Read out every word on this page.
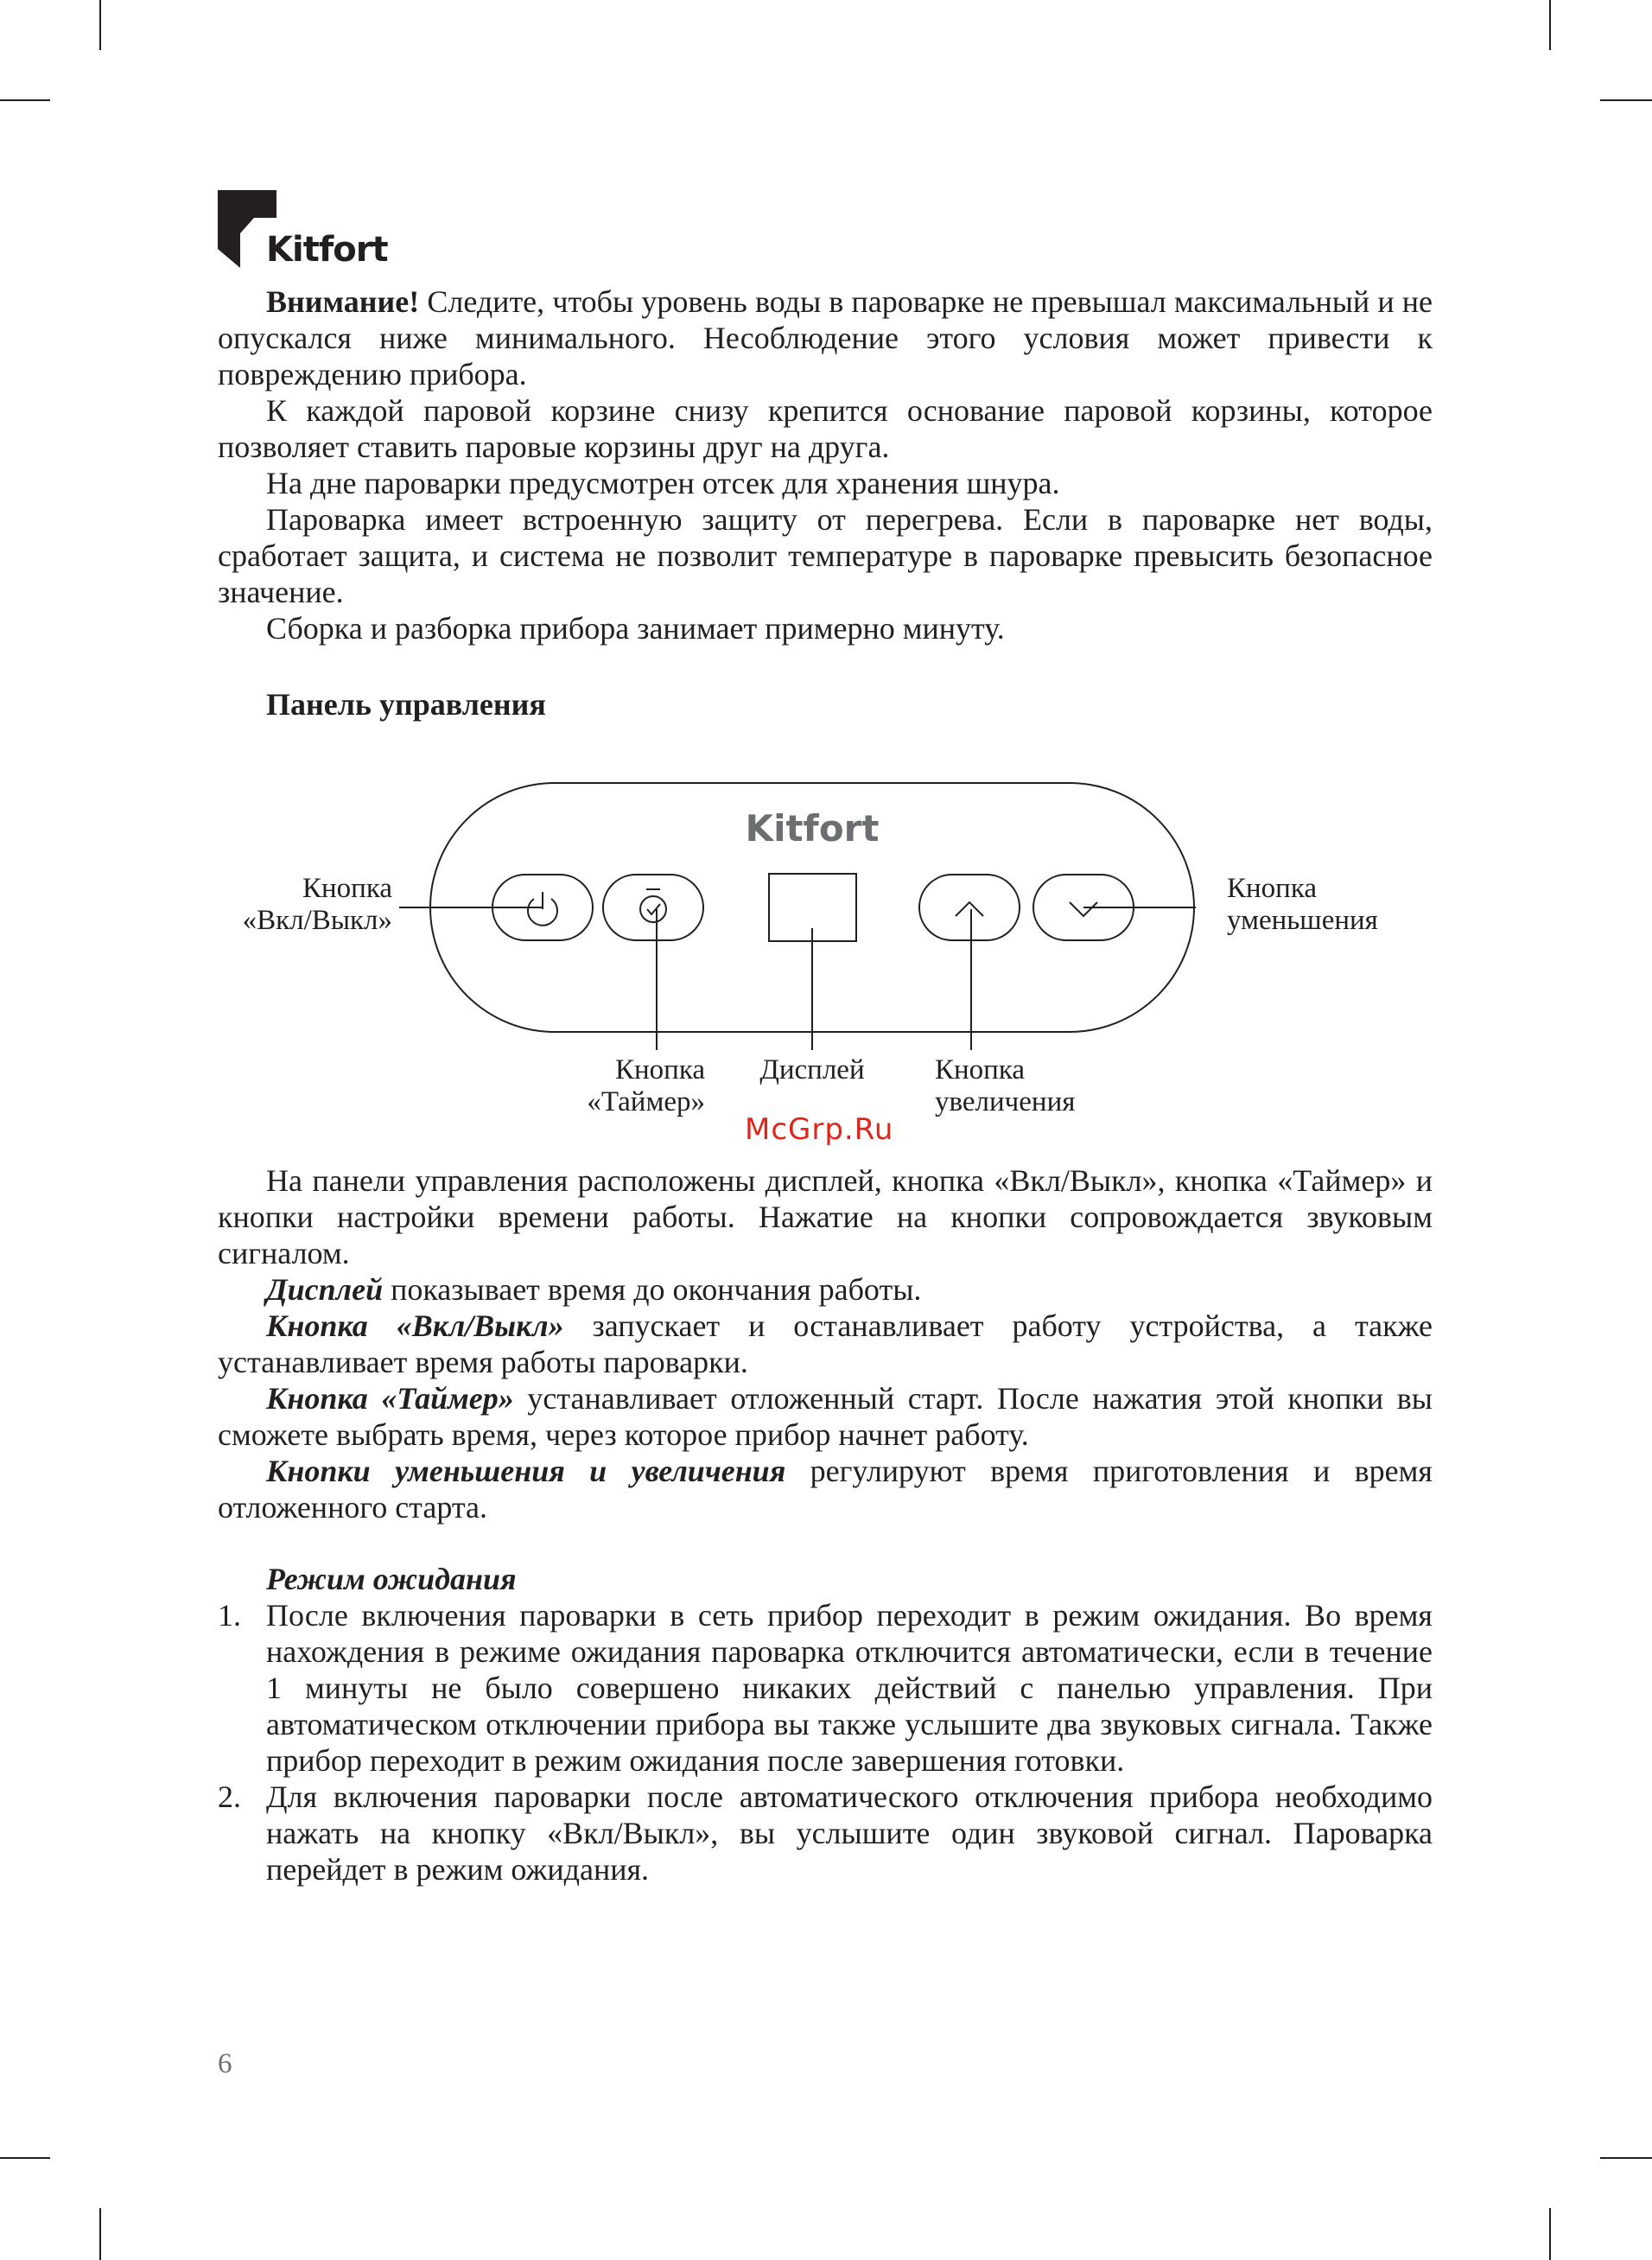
Kitfort

Внимание! Следите, чтобы уровень воды в пароварке не превышал максимальный и не опускался ниже минимального. Несоблюдение этого условия может привести к повреждению прибора.

К каждой паровой корзине снизу крепится основание паровой корзины, которое позволяет ставить паровые корзины друг на друга.

На дне пароварки предусмотрен отсек для хранения шнура.

Пароварка имеет встроенную защиту от перегрева. Если в пароварке нет воды, сработает защита, и система не позволит температуре в пароварке превысить безопасное значение.

Сборка и разборка прибора занимает примерно минуту.

Панель управления
Kitfort
Кнопка
«Вкл/Выкл»
Кнопка
уменьшения
Кнопка
«Таймер»
Дисплей	Кнопка
увеличения
McGrp.Ru

На панели управления расположены дисплей, кнопка «Вкл/Выкл», кнопка «Таймер» и кнопки настройки времени работы. Нажатие на кнопки сопровождается звуковым сигналом.

Дисплей показывает время до окончания работы.

Кнопка «Вкл/Выкл» запускает и останавливает работу устройства, а также устанавливает время работы пароварки.

Кнопка «Таймер» устанавливает отложенный старт. После нажатия этой кнопки вы сможете выбрать время, через которое прибор начнет работу.

Кнопки уменьшения и увеличения регулируют время приготовления и время отложенного старта.

Режим ожидания
1. После включения пароварки в сеть прибор переходит в режим ожидания. Во время нахождения в режиме ожидания пароварка отключится автоматически, если в течение 1 минуты не было совершено никаких действий с панелью управления. При автоматическом отключении прибора вы также услышите два звуковых сигнала. Также прибор переходит в режим ожидания после завершения готовки.
2. Для включения пароварки после автоматического отключения прибора необходимо нажать на кнопку «Вкл/Выкл», вы услышите один звуковой сигнал. Пароварка перейдет в режим ожидания.
6
